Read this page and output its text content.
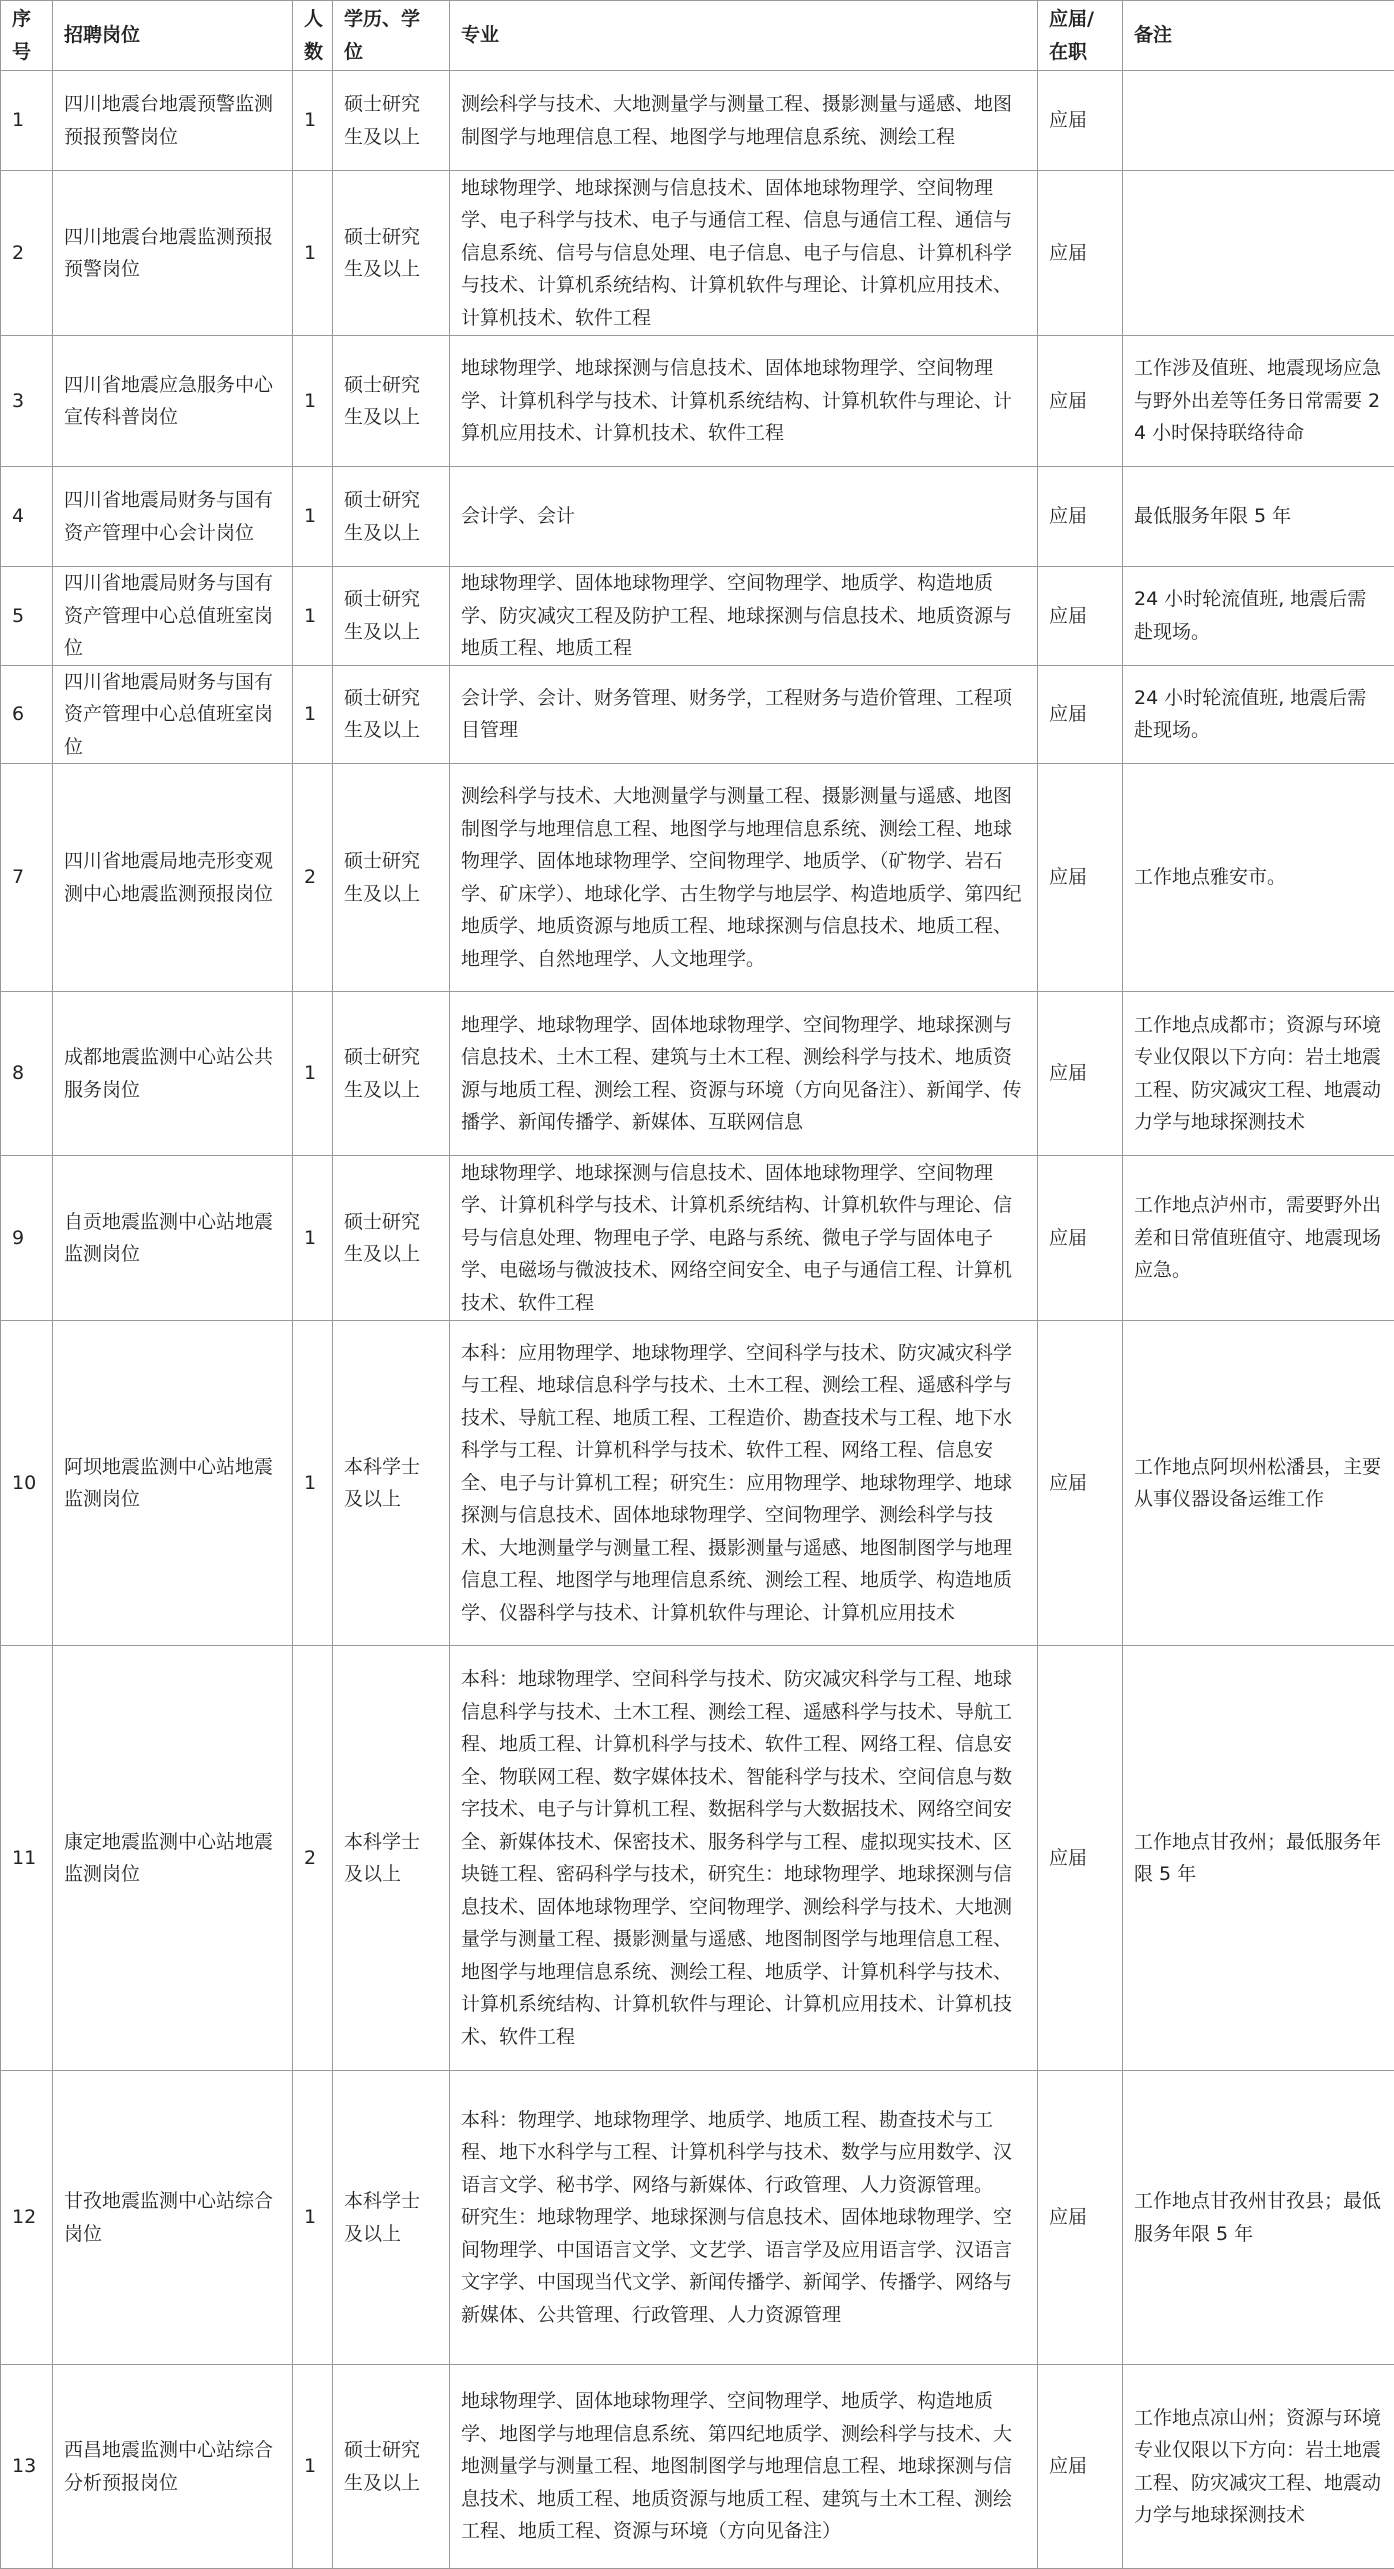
序号	招聘岗位	人数	学历、学位	专业	应届/在职	备注
1	四川地震台地震预警监测预报预警岗位	1	硕士研究生及以上	测绘科学与技术、大地测量学与测量工程、摄影测量与遥感、地图制图学与地理信息工程、地图学与地理信息系统、测绘工程	应届	
2	四川地震台地震监测预报预警岗位	1	硕士研究生及以上	地球物理学、地球探测与信息技术、固体地球物理学、空间物理学、电子科学与技术、电子与通信工程、信息与通信工程、通信与信息系统、信号与信息处理、电子信息、电子与信息、计算机科学与技术、计算机系统结构、计算机软件与理论、计算机应用技术、计算机技术、软件工程	应届	
3	四川省地震应急服务中心宣传科普岗位	1	硕士研究生及以上	地球物理学、地球探测与信息技术、固体地球物理学、空间物理学、计算机科学与技术、计算机系统结构、计算机软件与理论、计算机应用技术、计算机技术、软件工程	应届	工作涉及值班、地震现场应急与野外出差等任务日常需要 24 小时保持联络待命
4	四川省地震局财务与国有资产管理中心会计岗位	1	硕士研究生及以上	会计学、会计	应届	最低服务年限 5 年
5	四川省地震局财务与国有资产管理中心总值班室岗位	1	硕士研究生及以上	地球物理学、固体地球物理学、空间物理学、地质学、构造地质学、防灾减灾工程及防护工程、地球探测与信息技术、地质资源与地质工程、地质工程	应届	24 小时轮流值班, 地震后需赴现场。
6	四川省地震局财务与国有资产管理中心总值班室岗位	1	硕士研究生及以上	会计学、会计、财务管理、财务学，工程财务与造价管理、工程项目管理	应届	24 小时轮流值班, 地震后需赴现场。
7	四川省地震局地壳形变观测中心地震监测预报岗位	2	硕士研究生及以上	测绘科学与技术、大地测量学与测量工程、摄影测量与遥感、地图制图学与地理信息工程、地图学与地理信息系统、测绘工程、地球物理学、固体地球物理学、空间物理学、地质学、（矿物学、岩石学、矿床学）、地球化学、古生物学与地层学、构造地质学、第四纪地质学、地质资源与地质工程、地球探测与信息技术、地质工程、地理学、自然地理学、人文地理学。	应届	工作地点雅安市。
8	成都地震监测中心站公共服务岗位	1	硕士研究生及以上	地理学、地球物理学、固体地球物理学、空间物理学、地球探测与信息技术、土木工程、建筑与土木工程、测绘科学与技术、地质资源与地质工程、测绘工程、资源与环境（方向见备注）、新闻学、传播学、新闻传播学、新媒体、互联网信息	应届	工作地点成都市；资源与环境专业仅限以下方向：岩土地震工程、防灾减灾工程、地震动力学与地球探测技术
9	自贡地震监测中心站地震监测岗位	1	硕士研究生及以上	地球物理学、地球探测与信息技术、固体地球物理学、空间物理学、计算机科学与技术、计算机系统结构、计算机软件与理论、信号与信息处理、物理电子学、电路与系统、微电子学与固体电子学、电磁场与微波技术、网络空间安全、电子与通信工程、计算机技术、软件工程	应届	工作地点泸州市，需要野外出差和日常值班值守、地震现场应急。
10	阿坝地震监测中心站地震监测岗位	1	本科学士及以上	本科：应用物理学、地球物理学、空间科学与技术、防灾减灾科学与工程、地球信息科学与技术、土木工程、测绘工程、遥感科学与技术、导航工程、地质工程、工程造价、勘查技术与工程、地下水科学与工程、计算机科学与技术、软件工程、网络工程、信息安全、电子与计算机工程；研究生：应用物理学、地球物理学、地球探测与信息技术、固体地球物理学、空间物理学、测绘科学与技术、大地测量学与测量工程、摄影测量与遥感、地图制图学与地理信息工程、地图学与地理信息系统、测绘工程、地质学、构造地质学、仪器科学与技术、计算机软件与理论、计算机应用技术	应届	工作地点阿坝州松潘县，主要从事仪器设备运维工作
11	康定地震监测中心站地震监测岗位	2	本科学士及以上	本科：地球物理学、空间科学与技术、防灾减灾科学与工程、地球信息科学与技术、土木工程、测绘工程、遥感科学与技术、导航工程、地质工程、计算机科学与技术、软件工程、网络工程、信息安全、物联网工程、数字媒体技术、智能科学与技术、空间信息与数字技术、电子与计算机工程、数据科学与大数据技术、网络空间安全、新媒体技术、保密技术、服务科学与工程、虚拟现实技术、区块链工程、密码科学与技术，研究生：地球物理学、地球探测与信息技术、固体地球物理学、空间物理学、测绘科学与技术、大地测量学与测量工程、摄影测量与遥感、地图制图学与地理信息工程、地图学与地理信息系统、测绘工程、地质学、计算机科学与技术、计算机系统结构、计算机软件与理论、计算机应用技术、计算机技术、软件工程	应届	工作地点甘孜州；最低服务年限 5 年
12	甘孜地震监测中心站综合岗位	1	本科学士及以上	本科：物理学、地球物理学、地质学、地质工程、勘查技术与工程、地下水科学与工程、计算机科学与技术、数学与应用数学、汉语言文学、秘书学、网络与新媒体、行政管理、人力资源管理。
研究生：地球物理学、地球探测与信息技术、固体地球物理学、空间物理学、中国语言文学、文艺学、语言学及应用语言学、汉语言文字学、中国现当代文学、新闻传播学、新闻学、传播学、网络与新媒体、公共管理、行政管理、人力资源管理	应届	工作地点甘孜州甘孜县；最低服务年限 5 年
13	西昌地震监测中心站综合分析预报岗位	1	硕士研究生及以上	地球物理学、固体地球物理学、空间物理学、地质学、构造地质学、地图学与地理信息系统、第四纪地质学、测绘科学与技术、大地测量学与测量工程、地图制图学与地理信息工程、地球探测与信息技术、地质工程、地质资源与地质工程、建筑与土木工程、测绘工程、地质工程、资源与环境（方向见备注）	应届	工作地点凉山州；资源与环境专业仅限以下方向：岩土地震工程、防灾减灾工程、地震动力学与地球探测技术
